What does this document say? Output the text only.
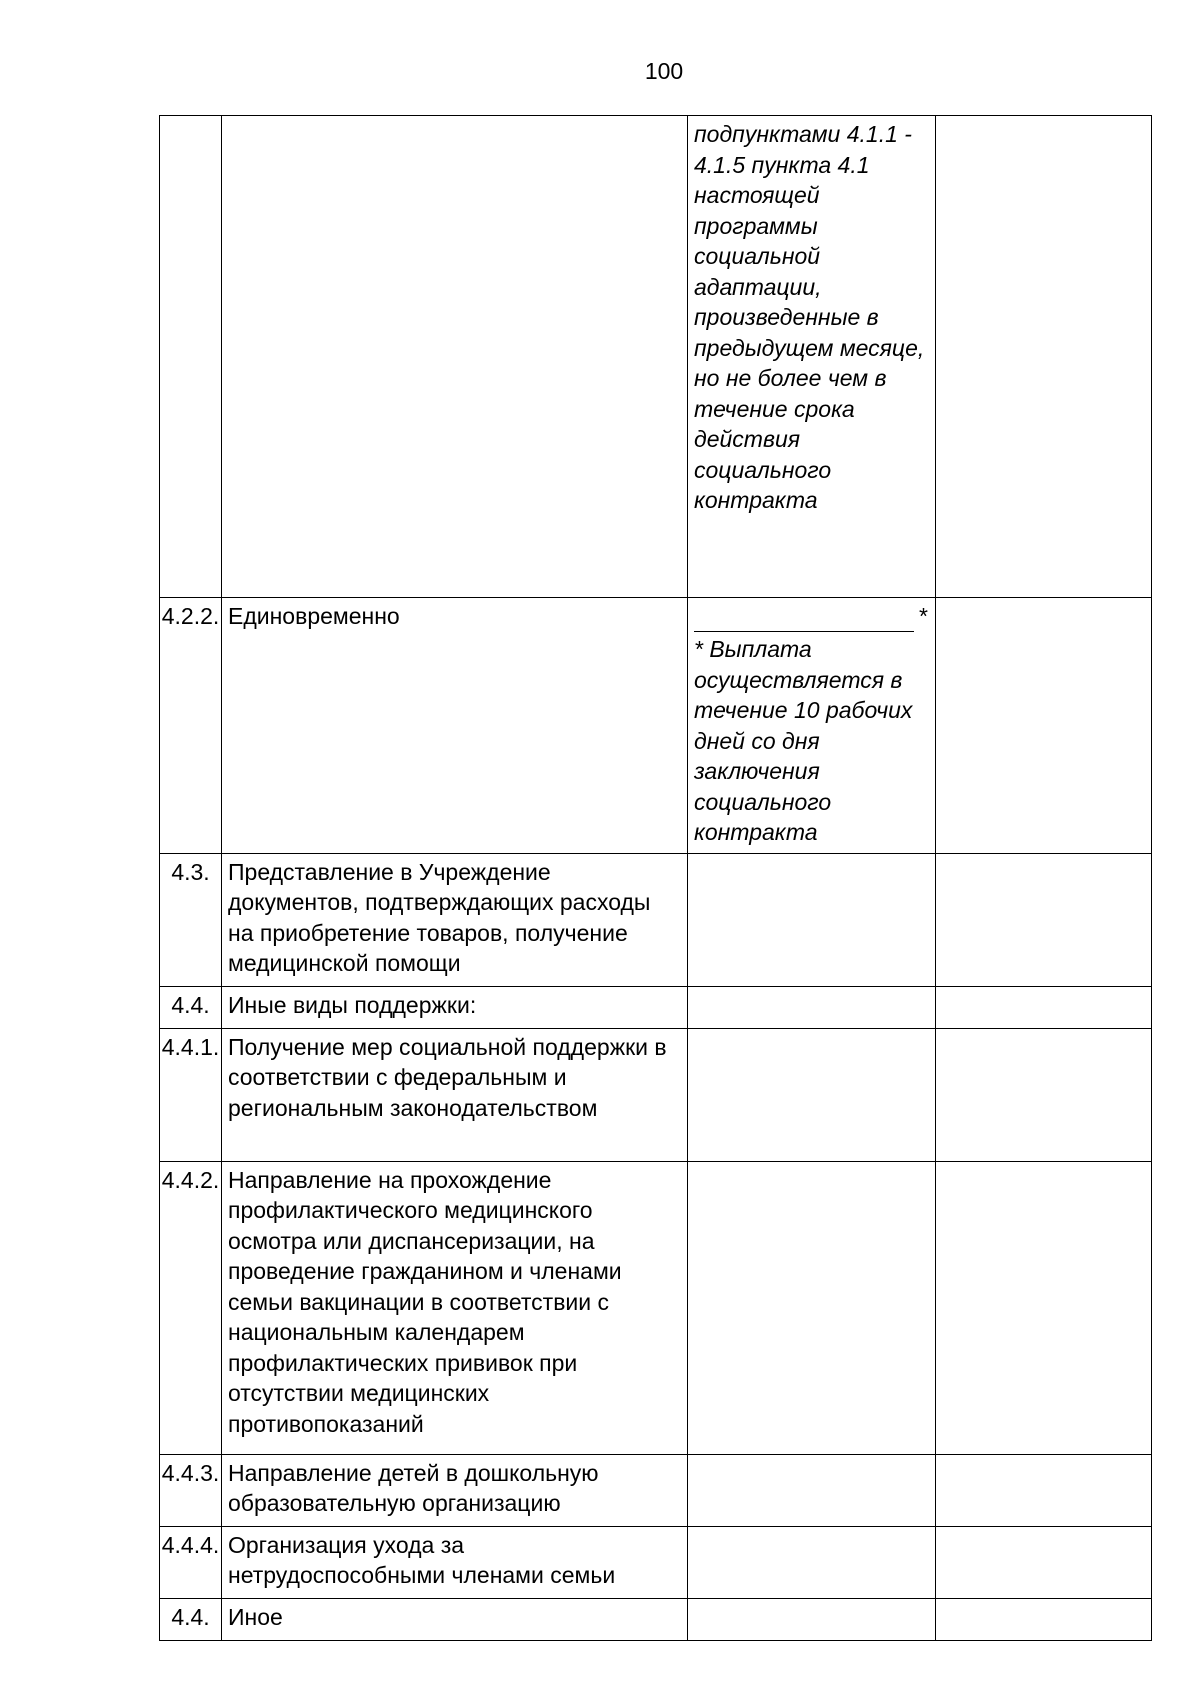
100
		подпунктами 4.1.1 - 4.1.5 пункта 4.1 настоящей программы социальной адаптации, произведенные в предыдущем месяце, но не более чем в течение срока действия социального контракта	
4.2.2.	Единовременно	*
* Выплата осуществляется в течение 10 рабочих дней со дня заключения социального контракта	

4.3.	Представление в Учреждение документов, подтверждающих расходы на приобретение товаров, получение медицинской помощи		
4.4.	Иные виды поддержки:		
4.4.1.	Получение мер социальной поддержки в соответствии с федеральным и региональным законодательством		
4.4.2.	Направление на прохождение профилактического медицинского осмотра или диспансеризации, на проведение гражданином и членами семьи вакцинации в соответствии с национальным календарем профилактических прививок при отсутствии медицинских противопоказаний		
4.4.3.	Направление детей в дошкольную образовательную организацию		
4.4.4.	Организация ухода за нетрудоспособными членами семьи		
4.4.	Иное		
